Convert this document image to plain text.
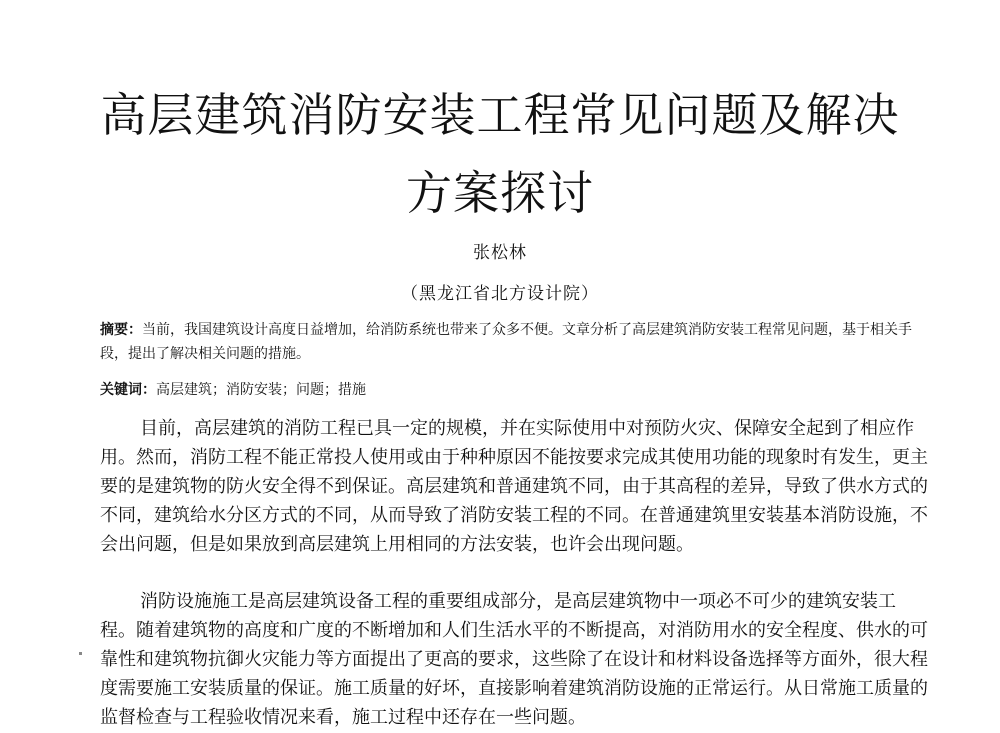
高层建筑消防安装工程常见问题及解决
方案探讨
张松林
（黑龙江省北方设计院）

摘要：当前，我国建筑设计高度日益增加，给消防系统也带来了众多不便。文章分析了高层建筑消防安装工程常见问题，基于相关手段，提出了解决相关问题的措施。

关键词：高层建筑；消防安装；问题；措施

目前，高层建筑的消防工程已具一定的规模，并在实际使用中对预防火灾、保障安全起到了相应作用。然而，消防工程不能正常投人使用或由于种种原因不能按要求完成其使用功能的现象时有发生，更主要的是建筑物的防火安全得不到保证。高层建筑和普通建筑不同，由于其高程的差异，导致了供水方式的不同，建筑给水分区方式的不同，从而导致了消防安装工程的不同。在普通建筑里安装基本消防设施，不会出问题，但是如果放到高层建筑上用相同的方法安装，也许会出现问题。

消防设施施工是高层建筑设备工程的重要组成部分，是高层建筑物中一项必不可少的建筑安装工程。随着建筑物的高度和广度的不断增加和人们生活水平的不断提高，对消防用水的安全程度、供水的可靠性和建筑物抗御火灾能力等方面提出了更高的要求，这些除了在设计和材料设备选择等方面外，很大程度需要施工安装质量的保证。施工质量的好坏，直接影响着建筑消防设施的正常运行。从日常施工质量的监督检查与工程验收情况来看，施工过程中还存在一些问题。
